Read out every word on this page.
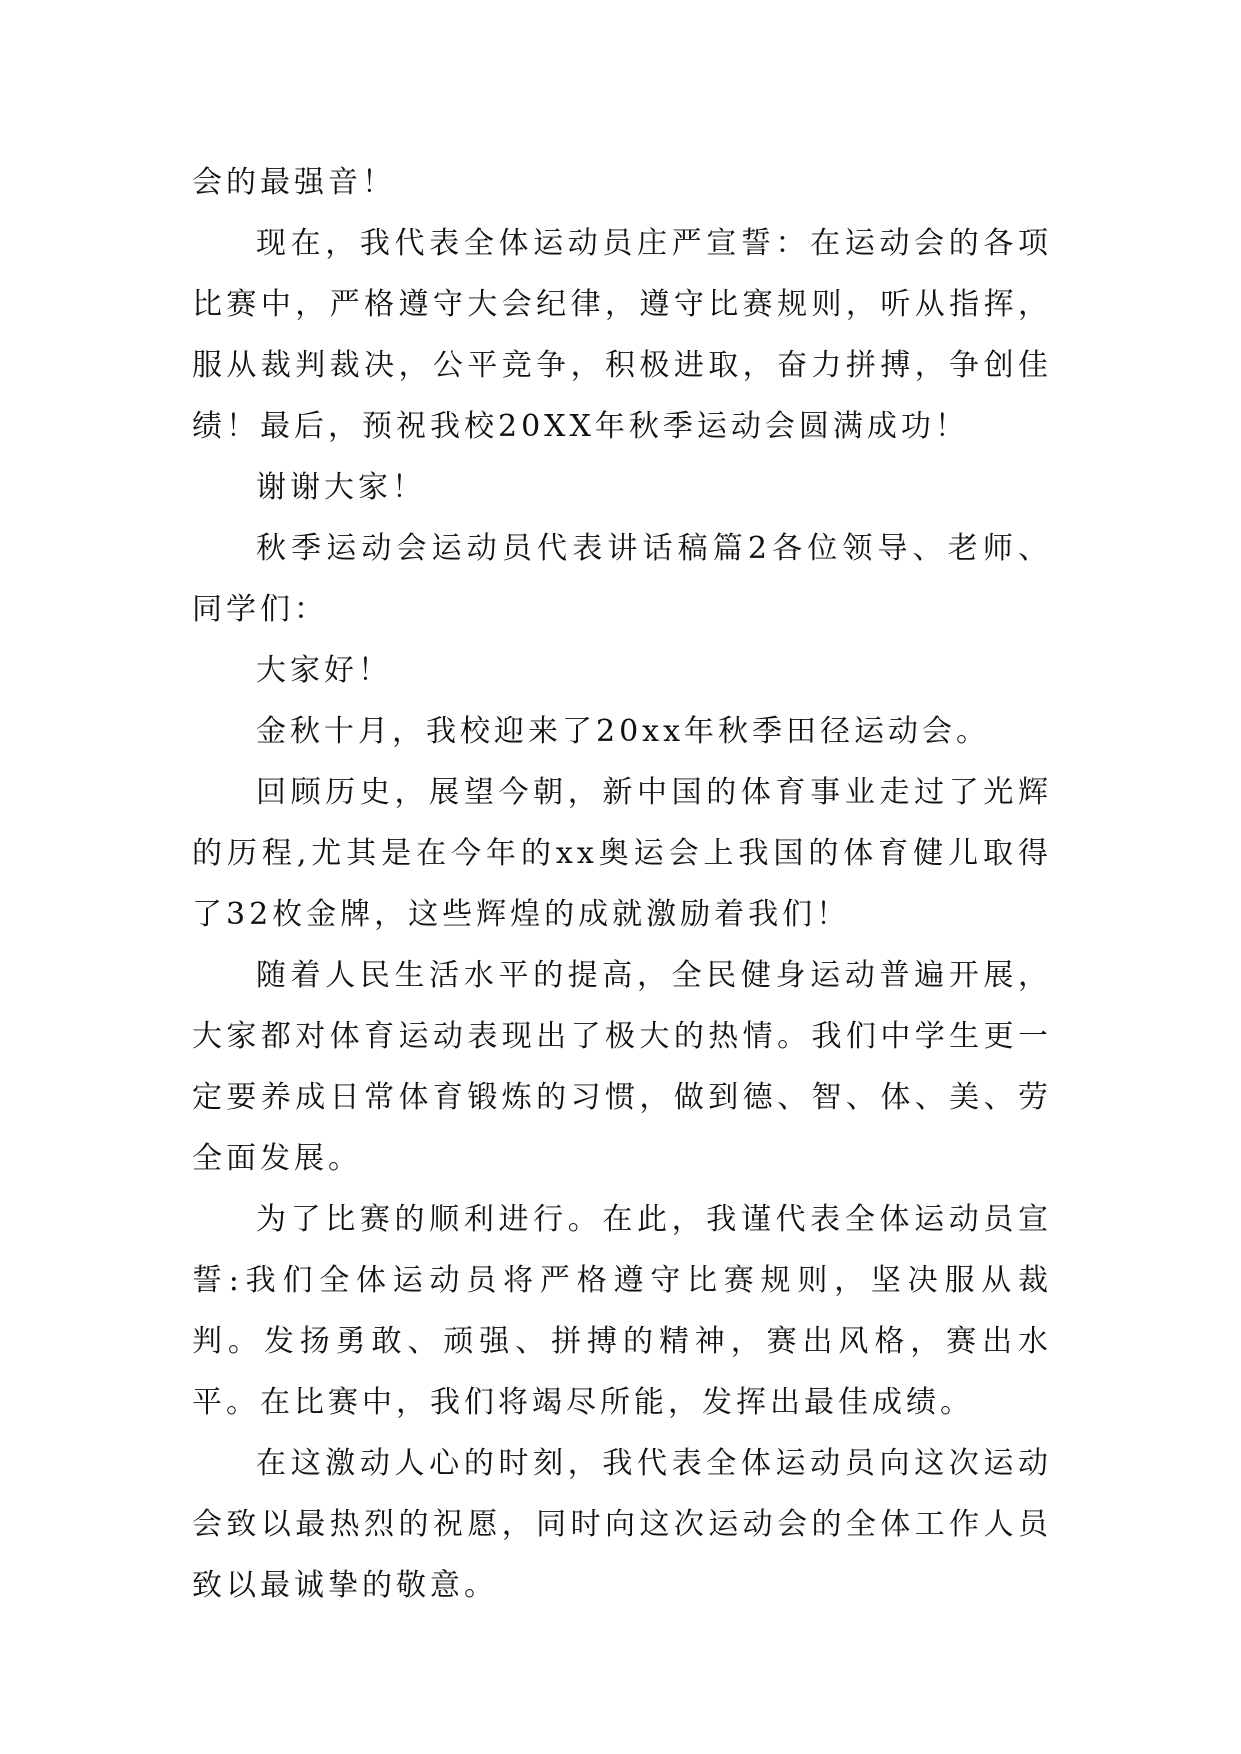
会的最强音！

现在，我代表全体运动员庄严宣誓：在运动会的各项比赛中，严格遵守大会纪律，遵守比赛规则，听从指挥，服从裁判裁决，公平竞争，积极进取，奋力拼搏，争创佳绩！最后，预祝我校20XX年秋季运动会圆满成功！

谢谢大家！

秋季运动会运动员代表讲话稿篇2各位领导、老师、同学们：

大家好！

金秋十月，我校迎来了20xx年秋季田径运动会。

回顾历史，展望今朝，新中国的体育事业走过了光辉的历程,尤其是在今年的xx奥运会上我国的体育健儿取得了32枚金牌，这些辉煌的成就激励着我们！

随着人民生活水平的提高，全民健身运动普遍开展，大家都对体育运动表现出了极大的热情。我们中学生更一定要养成日常体育锻炼的习惯，做到德、智、体、美、劳全面发展。

为了比赛的顺利进行。在此，我谨代表全体运动员宣誓:我们全体运动员将严格遵守比赛规则，坚决服从裁判。发扬勇敢、顽强、拼搏的精神，赛出风格，赛出水平。在比赛中，我们将竭尽所能，发挥出最佳成绩。

在这激动人心的时刻，我代表全体运动员向这次运动会致以最热烈的祝愿，同时向这次运动会的全体工作人员致以最诚挚的敬意。
